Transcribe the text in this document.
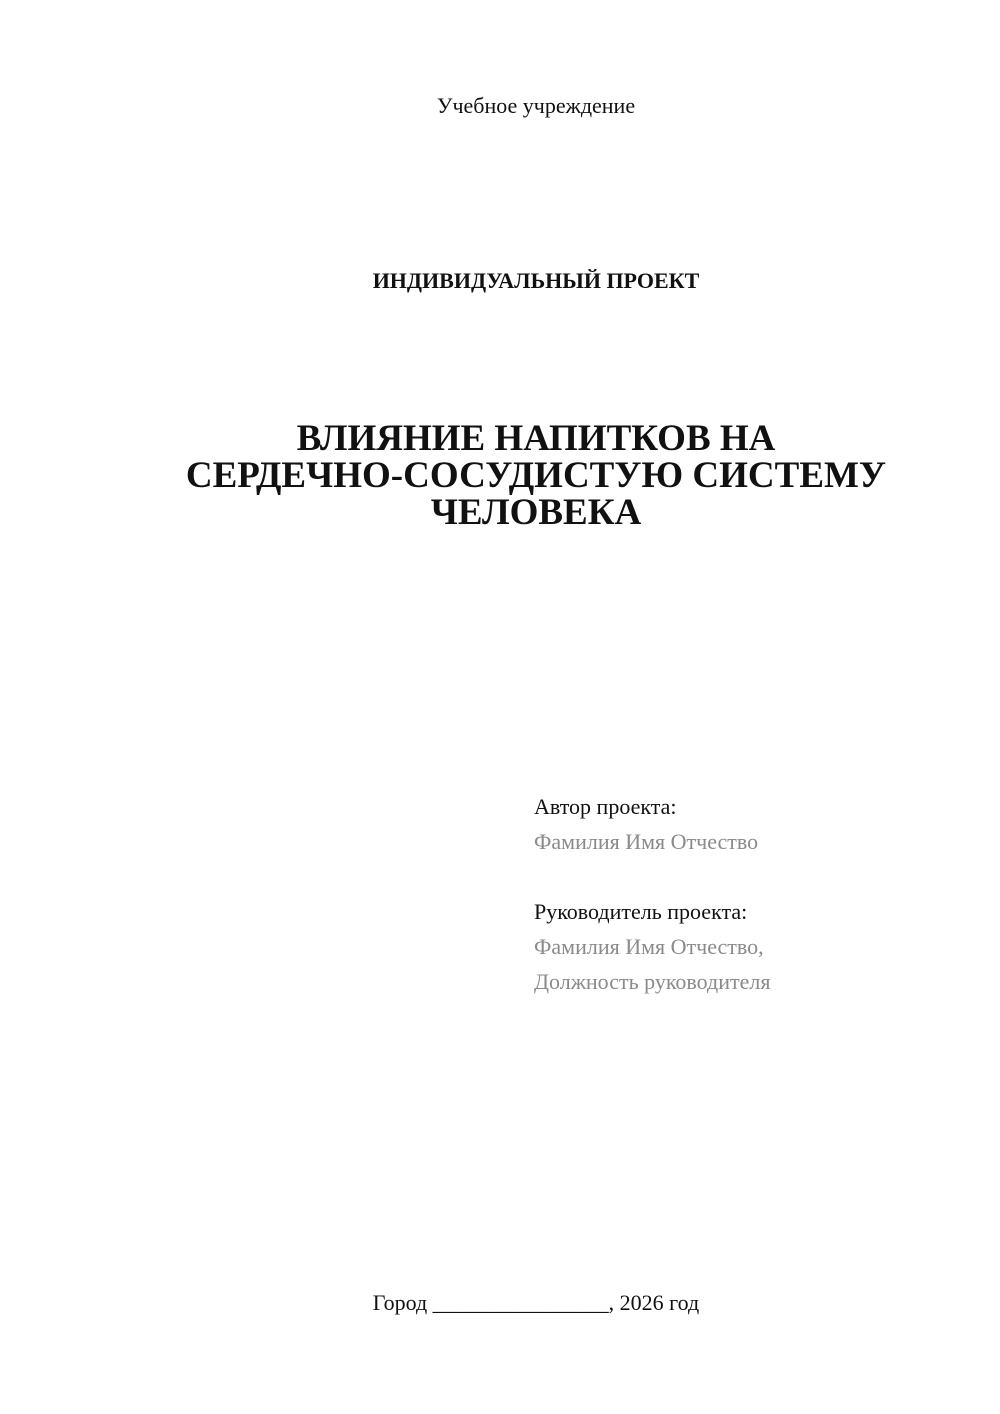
Учебное учреждение
ИНДИВИДУАЛЬНЫЙ ПРОЕКТ
ВЛИЯНИЕ НАПИТКОВ НА
СЕРДЕЧНО-СОСУДИСТУЮ СИСТЕМУ
ЧЕЛОВЕКА
Автор проекта:
Фамилия Имя Отчество
Руководитель проекта:
Фамилия Имя Отчество,
Должность руководителя
Город ________________, 2026 год
